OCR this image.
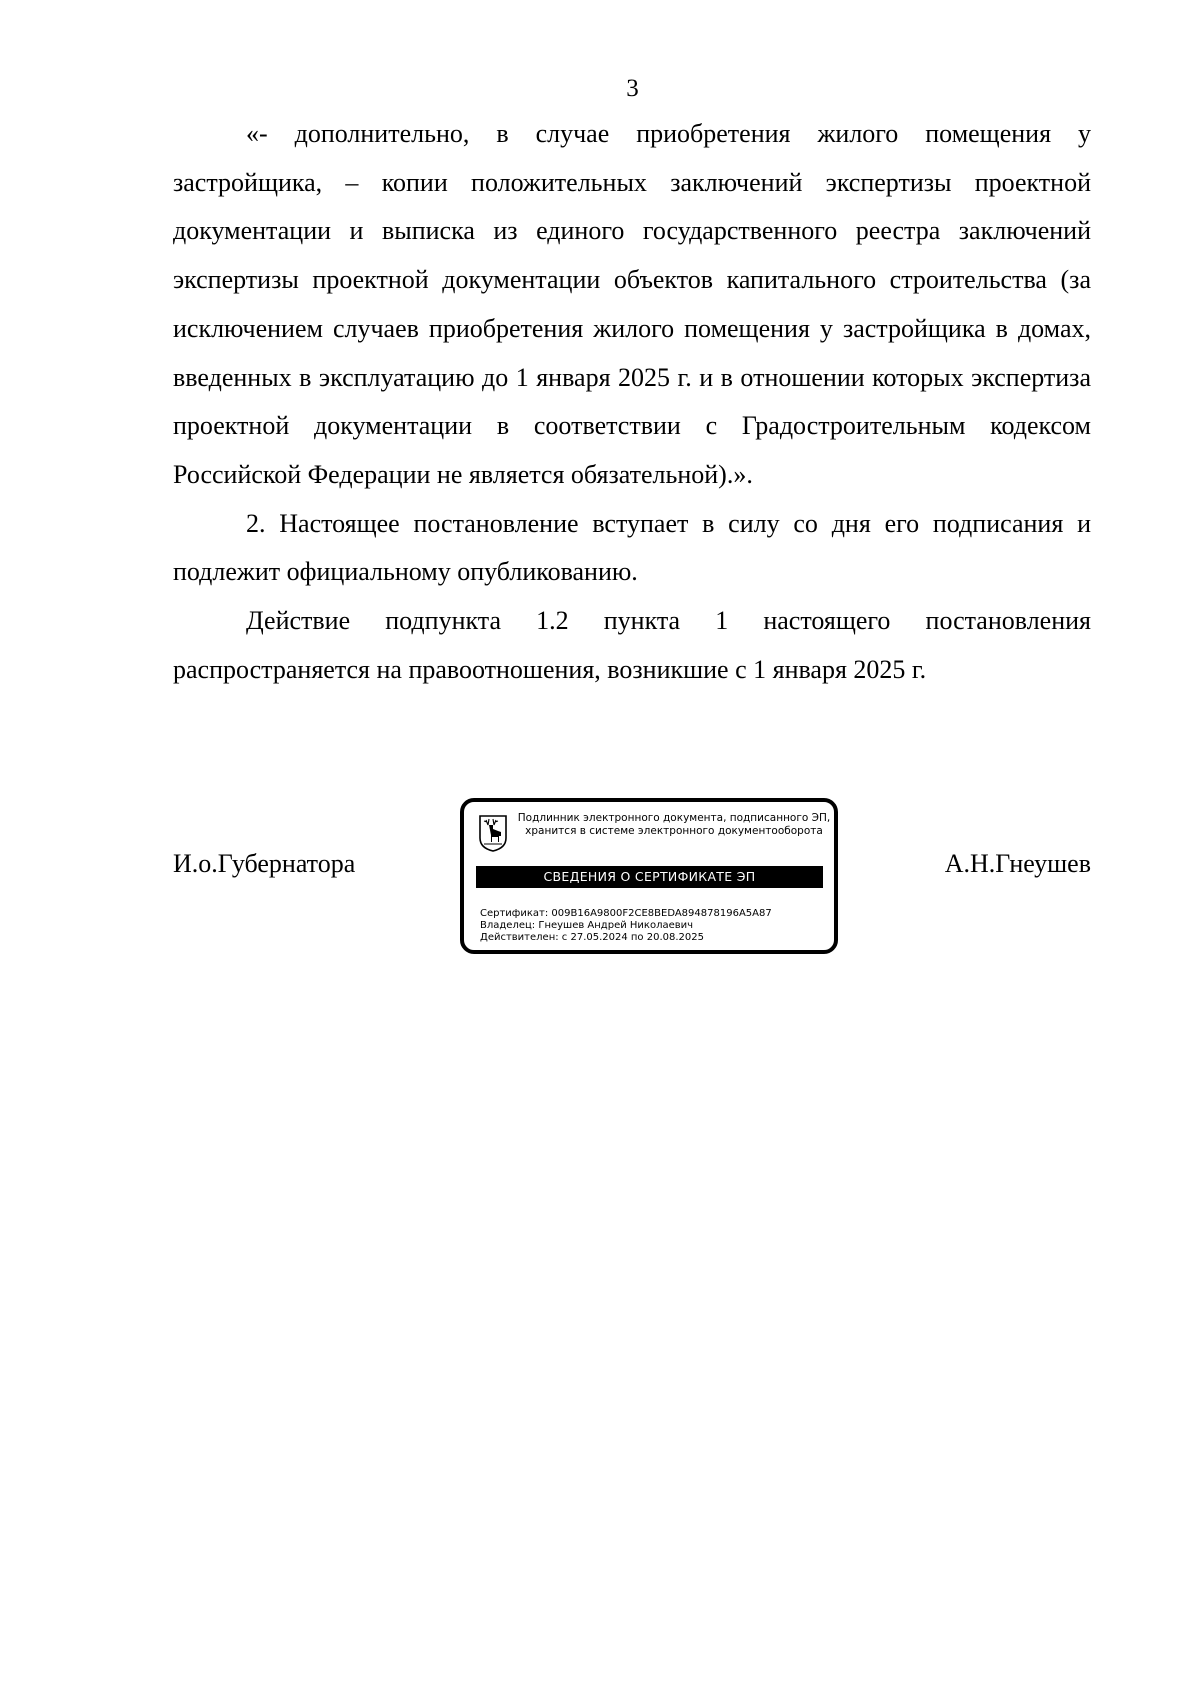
3

«- дополнительно, в случае приобретения жилого помещения у застройщика, – копии положительных заключений экспертизы проектной документации и выписка из единого государственного реестра заключений экспертизы проектной документации объектов капитального строительства (за исключением случаев приобретения жилого помещения у застройщика в домах, введенных в эксплуатацию до 1 января 2025 г. и в отношении которых экспертиза проектной документации в соответствии с Градостроительным кодексом Российской Федерации не является обязательной).».

2. Настоящее постановление вступает в силу со дня его подписания и подлежит официальному опубликованию.

Действие подпункта 1.2 пункта 1 настоящего постановления распространяется на правоотношения, возникшие с 1 января 2025 г.

И.о.Губернатора
Подлинник электронного документа, подписанного ЭП,
хранится в системе электронного документооборота
СВЕДЕНИЯ О СЕРТИФИКАТЕ ЭП
Сертификат: 009B16A9800F2CE8BEDA894878196A5A87
Владелец: Гнеушев Андрей Николаевич
Действителен: с 27.05.2024 по 20.08.2025
А.Н.Гнеушев
